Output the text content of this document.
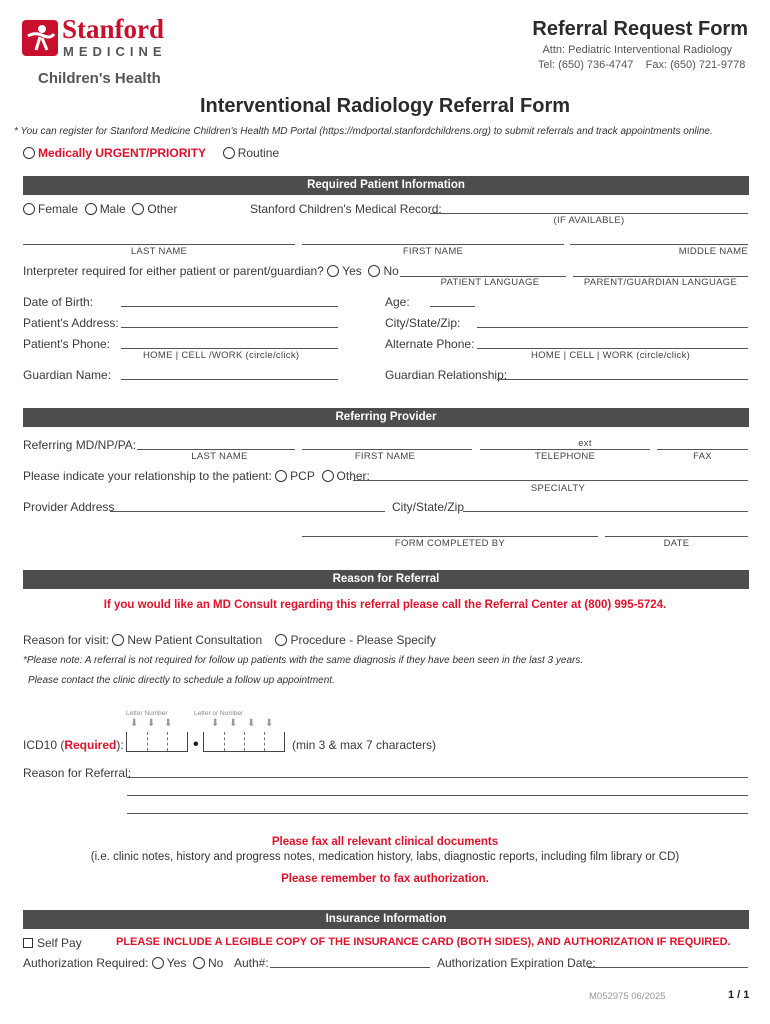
Stanford
MEDICINE
Children's Health
Referral Request Form
Attn: Pediatric Interventional Radiology
Tel: (650) 736-4747 Fax: (650) 721-9778
Interventional Radiology Referral Form
* You can register for Stanford Medicine Children's Health MD Portal (https://mdportal.stanfordchildrens.org) to submit referrals and track appointments online.
Medically URGENT/PRIORITY	Routine
Required Patient Information
Female Male Other	Stanford Children's Medical Record:
(IF AVAILABLE)
LAST NAME	FIRST NAME	MIDDLE NAME
Interpreter required for either patient or parent/guardian? Yes No
PATIENT LANGUAGE	PARENT/GUARDIAN LANGUAGE
Date of Birth:	Age:
Patient's Address:	City/State/Zip:
Patient's Phone:
HOME | CELL /WORK (circle/click)
Alternate Phone:
HOME | CELL | WORK (circle/click)
Guardian Name:	Guardian Relationship:
Referring Provider
Referring MD/NP/PA:	ext
LAST NAME	FIRST NAME	TELEPHONE	FAX
Please indicate your relationship to the patient: PCP Other:
SPECIALTY
Provider Address	City/State/Zip
FORM COMPLETED BY	DATE
Reason for Referral
If you would like an MD Consult regarding this referral please call the Referral Center at (800) 995-5724.
Reason for visit: New Patient Consultation Procedure - Please Specify
*Please note: A referral is not required for follow up patients with the same diagnosis if they have been seen in the last 3 years.
Please contact the clinic directly to schedule a follow up appointment.
Letter Number	Letter or Number
⬇ ⬇ ⬇	⬇ ⬇ ⬇ ⬇
ICD10 (Required):	•	(min 3 & max 7 characters)
Reason for Referral:
Please fax all relevant clinical documents
(i.e. clinic notes, history and progress notes, medication history, labs, diagnostic reports, including film library or CD)
Please remember to fax authorization.
Insurance Information
Self Pay	PLEASE INCLUDE A LEGIBLE COPY OF THE INSURANCE CARD (BOTH SIDES), AND AUTHORIZATION IF REQUIRED.
Authorization Required: Yes No Auth#:	Authorization Expiration Date:
M052975 06/2025	1 / 1
